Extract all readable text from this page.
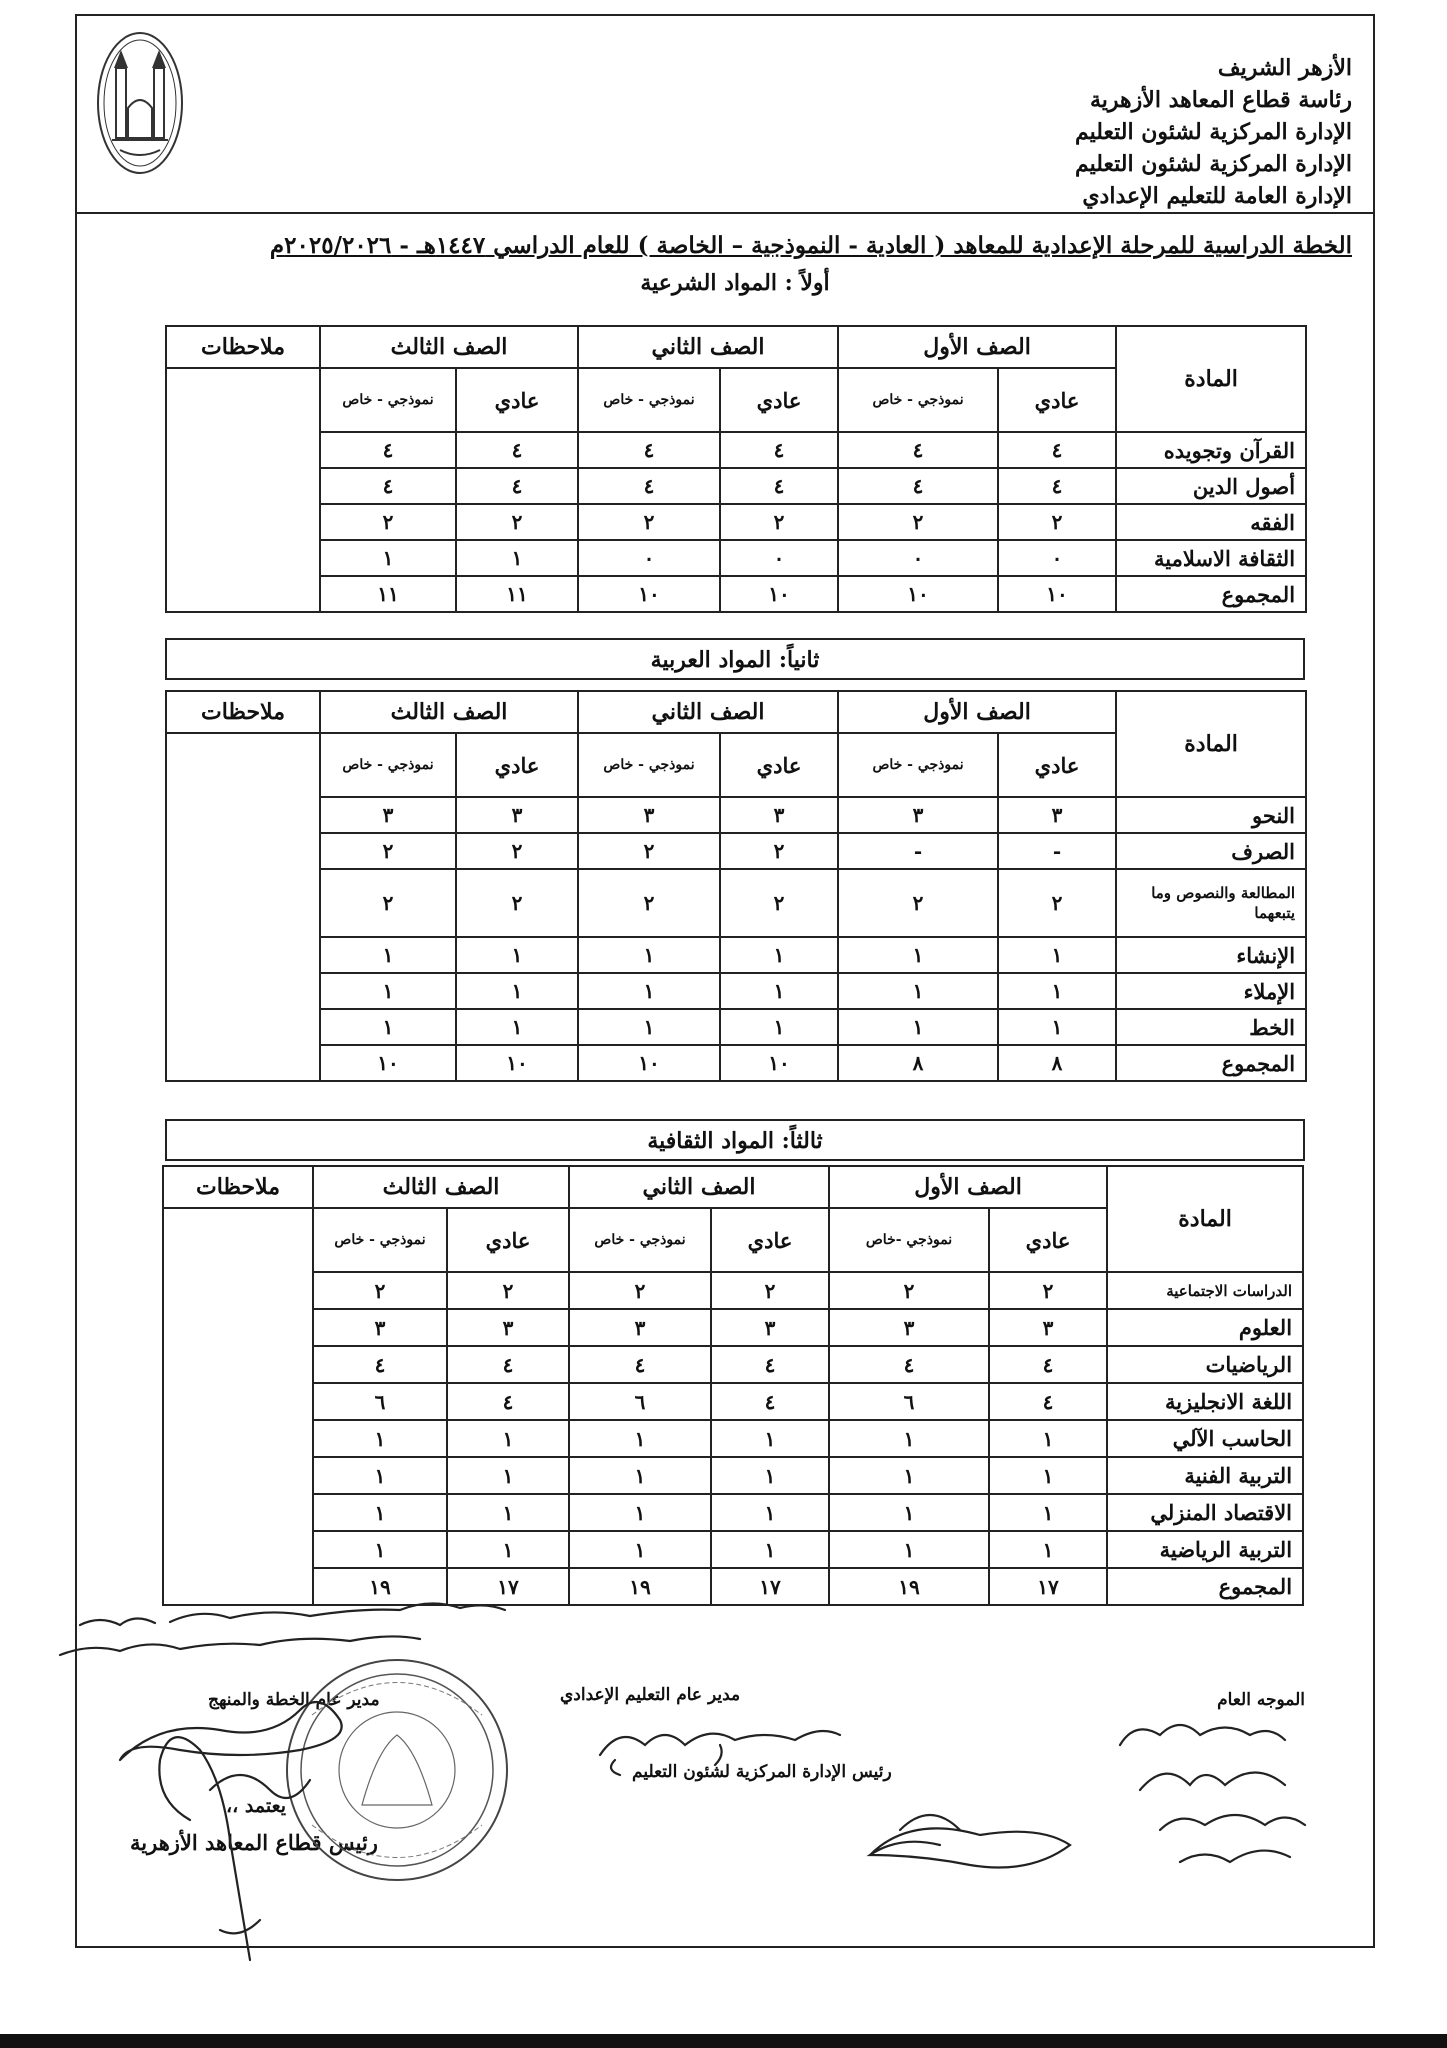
الأزهر الشريف
رئاسة قطاع المعاهد الأزهرية
الإدارة المركزية لشئون التعليم
الإدارة المركزية لشئون التعليم
الإدارة العامة للتعليم الإعدادي
الخطة الدراسية للمرحلة الإعدادية للمعاهد ( العادية - النموذجية – الخاصة ) للعام الدراسي ١٤٤٧هـ - ٢٠٢٥/٢٠٢٦م
أولاً : المواد الشرعية
المادة	الصف الأول		الصف الثاني		الصف الثالث		ملاحظات
	عادي	نموذجي - خاص	عادي	نموذجي - خاص	عادي	نموذجي - خاص	
القرآن وتجويده	٤	٤	٤	٤	٤	٤	
أصول الدين	٤	٤	٤	٤	٤	٤	
الفقه	٢	٢	٢	٢	٢	٢	
الثقافة الاسلامية	٠	٠	٠	٠	١	١	
المجموع	١٠	١٠	١٠	١٠	١١	١١	
ثانياً: المواد العربية
المادة	الصف الأول		الصف الثاني		الصف الثالث		ملاحظات
	عادي	نموذجي - خاص	عادي	نموذجي - خاص	عادي	نموذجي - خاص	
النحو	٣	٣	٣	٣	٣	٣	
الصرف	-	-	٢	٢	٢	٢	
المطالعة والنصوص وما يتبعهما	٢	٢	٢	٢	٢	٢	
الإنشاء	١	١	١	١	١	١	
الإملاء	١	١	١	١	١	١	
الخط	١	١	١	١	١	١	
المجموع	٨	٨	١٠	١٠	١٠	١٠	
ثالثاً: المواد الثقافية
المادة	الصف الأول		الصف الثاني		الصف الثالث		ملاحظات
	عادي	نموذجي -خاص	عادي	نموذجي - خاص	عادي	نموذجي - خاص	
الدراسات الاجتماعية	٢	٢	٢	٢	٢	٢	
العلوم	٣	٣	٣	٣	٣	٣	
الرياضيات	٤	٤	٤	٤	٤	٤	
اللغة الانجليزية	٤	٦	٤	٦	٤	٦	
الحاسب الآلي	١	١	١	١	١	١	
التربية الفنية	١	١	١	١	١	١	
الاقتصاد المنزلي	١	١	١	١	١	١	
التربية الرياضية	١	١	١	١	١	١	
المجموع	١٧	١٩	١٧	١٩	١٧	١٩	
الموجه العام
مدير عام التعليم الإعدادي
مدير عام الخطة والمنهج
رئيس الإدارة المركزية لشئون التعليم
يعتمد ،،
رئيس قطاع المعاهد الأزهرية
